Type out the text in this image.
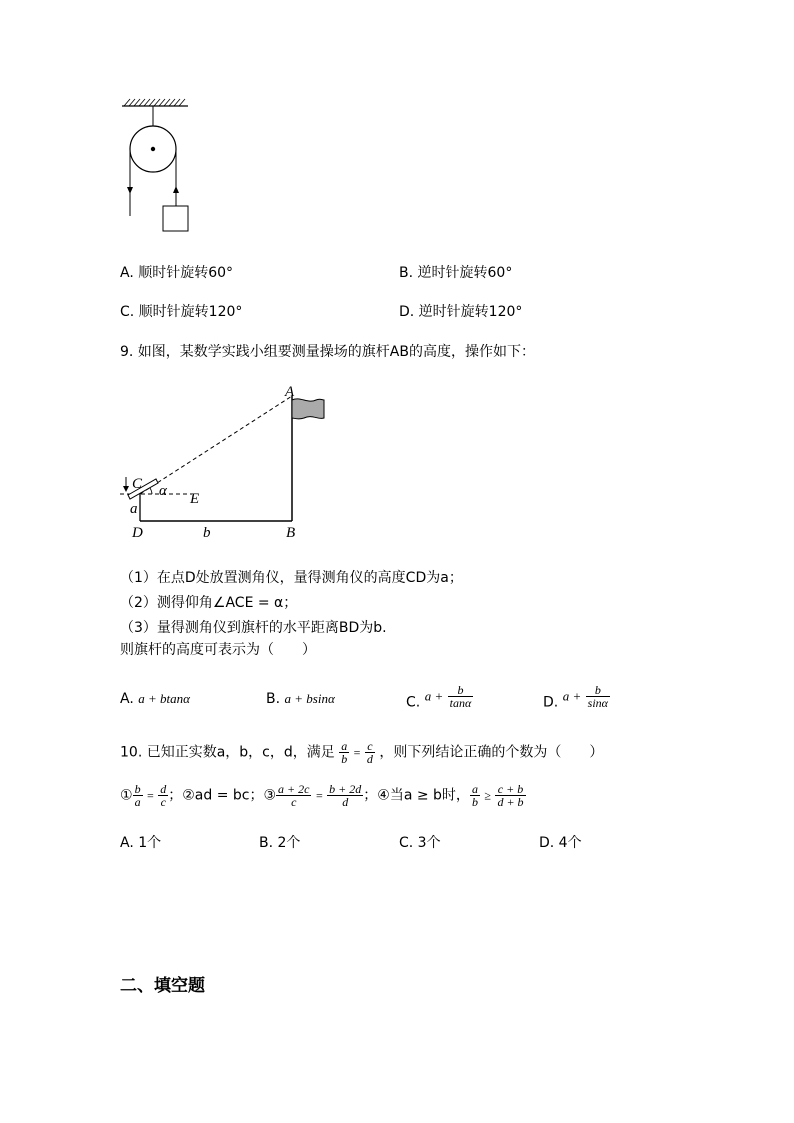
A. 顺时针旋转60°	B. 逆时针旋转60°
C. 顺时针旋转120°	D. 逆时针旋转120°
9. 如图，某数学实践小组要测量操场的旗杆AB的高度，操作如下：
A
B
C
D
E
a
b
α
（1）在点D处放置测角仪，量得测角仪的高度CD为a；
（2）测得仰角∠ACE = α；
（3）量得测角仪到旗杆的水平距离BD为b.
则旗杆的高度可表示为（　　）
A. a + btanα	B. a + bsinα	C. $a + \frac{b}{\tan\alpha}$	D. $a + \frac{b}{\sin\alpha}$
10. 已知正实数a，b，c，d，满足 $\frac{a}{b} = \frac{c}{d}$ ，则下列结论正确的个数为（　　）
① $\frac{b}{a} = \frac{d}{c}$ ；②ad = bc；③ $\frac{a + 2c}{c} = \frac{b + 2d}{d}$ ；④当a ≥ b时， $\frac{a}{b} \ge \frac{c + b}{d + b}$
A. 1个	B. 2个	C. 3个	D. 4个
二、填空题
